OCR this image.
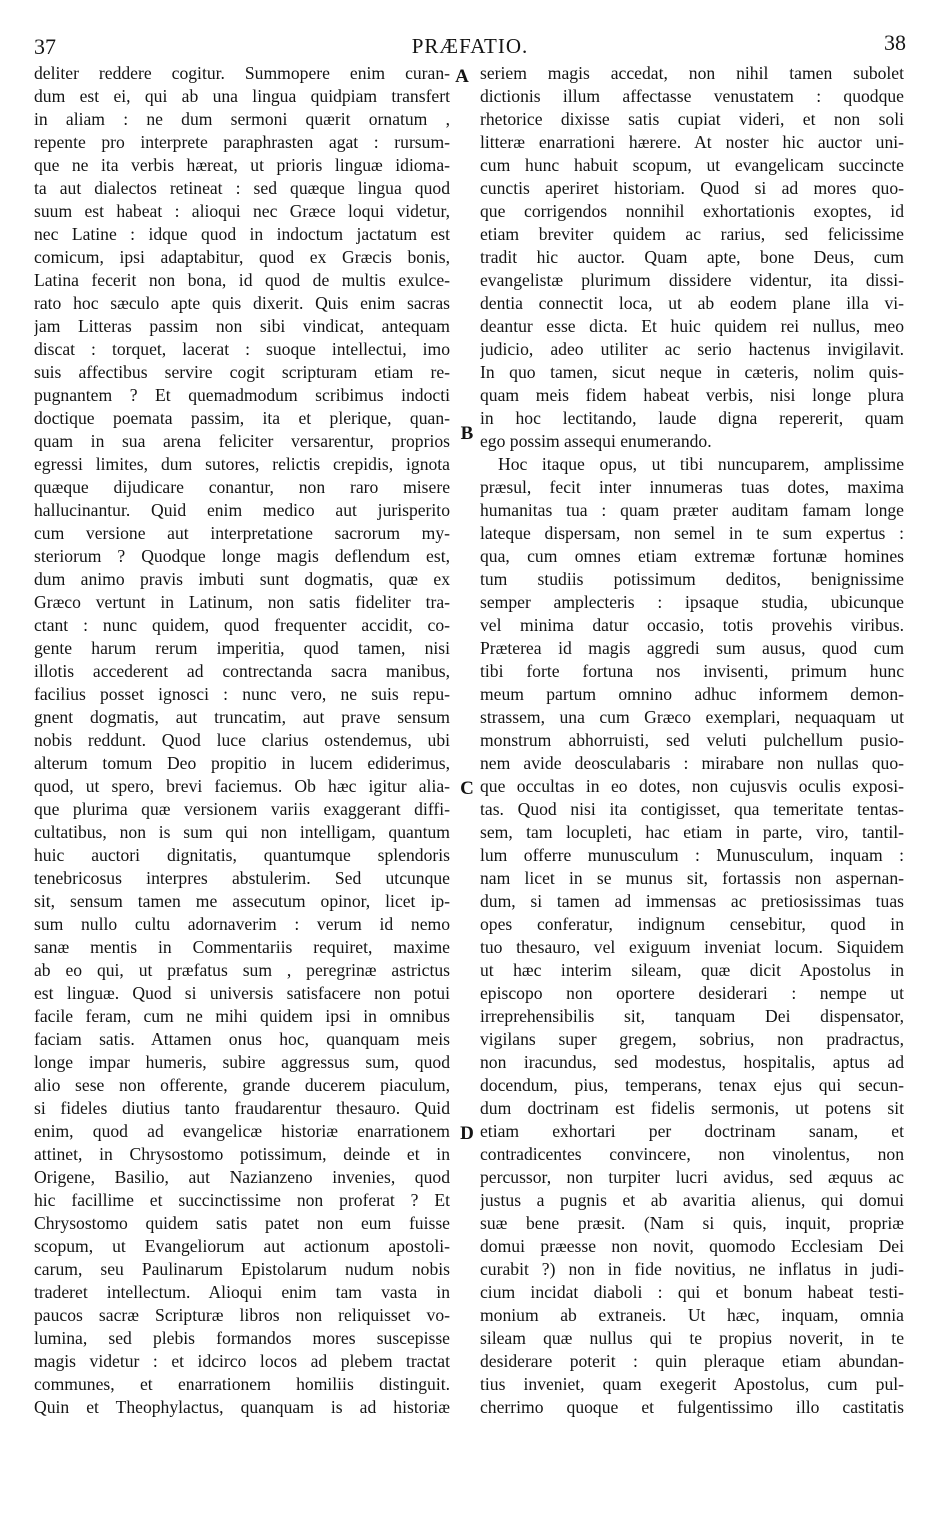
37	PRÆFATIO.	38
deliter reddere cogitur. Summopere enim curan-
dum est ei, qui ab una lingua quidpiam transfert
in aliam : ne dum sermoni quærit ornatum ,
repente pro interprete paraphrasten agat : rursum-
que ne ita verbis hæreat, ut prioris linguæ idioma-
ta aut dialectos retineat : sed quæque lingua quod
suum est habeat : alioqui nec Græce loqui videtur,
nec Latine : idque quod in indoctum jactatum est
comicum, ipsi adaptabitur, quod ex Græcis bonis,
Latina fecerit non bona, id quod de multis exulce-
rato hoc sæculo apte quis dixerit. Quis enim sacras
jam Litteras passim non sibi vindicat, antequam
discat : torquet, lacerat : suoque intellectui, imo
suis affectibus servire cogit scripturam etiam re-
pugnantem ? Et quemadmodum scribimus indocti
doctique poemata passim, ita et plerique, quan-
quam in sua arena feliciter versarentur, proprios
egressi limites, dum sutores, relictis crepidis, ignota
quæque dijudicare conantur, non raro misere
hallucinantur. Quid enim medico aut jurisperito
cum versione aut interpretatione sacrorum my-
steriorum ? Quodque longe magis deflendum est,
dum animo pravis imbuti sunt dogmatis, quæ ex
Græco vertunt in Latinum, non satis fideliter tra-
ctant : nunc quidem, quod frequenter accidit, co-
gente harum rerum imperitia, quod tamen, nisi
illotis accederent ad contrectanda sacra manibus,
facilius posset ignosci : nunc vero, ne suis repu-
gnent dogmatis, aut truncatim, aut prave sensum
nobis reddunt. Quod luce clarius ostendemus, ubi
alterum tomum Deo propitio in lucem ediderimus,
quod, ut spero, brevi faciemus. Ob hæc igitur alia-
que plurima quæ versionem variis exaggerant diffi-
cultatibus, non is sum qui non intelligam, quantum
huic auctori dignitatis, quantumque splendoris
tenebricosus interpres abstulerim. Sed utcunque
sit, sensum tamen me assecutum opinor, licet ip-
sum nullo cultu adornaverim : verum id nemo
sanæ mentis in Commentariis requiret, maxime
ab eo qui, ut præfatus sum , peregrinæ astrictus
est linguæ. Quod si universis satisfacere non potui
facile feram, cum ne mihi quidem ipsi in omnibus
faciam satis. Attamen onus hoc, quanquam meis
longe impar humeris, subire aggressus sum, quod
alio sese non offerente, grande ducerem piaculum,
si fideles diutius tanto fraudarentur thesauro. Quid
enim, quod ad evangelicæ historiæ enarrationem
attinet, in Chrysostomo potissimum, deinde et in
Origene, Basilio, aut Nazianzeno invenies, quod
hic facillime et succinctissime non proferat ? Et
Chrysostomo quidem satis patet non eum fuisse
scopum, ut Evangeliorum aut actionum apostoli-
carum, seu Paulinarum Epistolarum nudum nobis
traderet intellectum. Alioqui enim tam vasta in
paucos sacræ Scripturæ libros non reliquisset vo-
lumina, sed plebis formandos mores suscepisse
magis videtur : et idcirco locos ad plebem tractat
communes, et enarrationem homiliis distinguit.
Quin et Theophylactus, quanquam is ad historiæ
seriem magis accedat, non nihil tamen subolet
dictionis illum affectasse venustatem : quodque
rhetorice dixisse satis cupiat videri, et non soli
litteræ enarrationi hærere. At noster hic auctor uni-
cum hunc habuit scopum, ut evangelicam succincte
cunctis aperiret historiam. Quod si ad mores quo-
que corrigendos nonnihil exhortationis exoptes, id
etiam breviter quidem ac rarius, sed felicissime
tradit hic auctor. Quam apte, bone Deus, cum
evangelistæ plurimum dissidere videntur, ita dissi-
dentia connectit loca, ut ab eodem plane illa vi-
deantur esse dicta. Et huic quidem rei nullus, meo
judicio, adeo utiliter ac serio hactenus invigilavit.
In quo tamen, sicut neque in cæteris, nolim quis-
quam meis fidem habeat verbis, nisi longe plura
in hoc lectitando, laude digna repererit, quam
ego possim assequi enumerando.
Hoc itaque opus, ut tibi nuncuparem, amplissime
præsul, fecit inter innumeras tuas dotes, maxima
humanitas tua : quam præter auditam famam longe
lateque dispersam, non semel in te sum expertus :
qua, cum omnes etiam extremæ fortunæ homines
tum studiis potissimum deditos, benignissime
semper amplecteris : ipsaque studia, ubicunque
vel minima datur occasio, totis provehis viribus.
Præterea id magis aggredi sum ausus, quod cum
tibi forte fortuna nos invisenti, primum hunc
meum partum omnino adhuc informem demon-
strassem, una cum Græco exemplari, nequaquam ut
monstrum abhorruisti, sed veluti pulchellum pusio-
nem avide deosculabaris : mirabare non nullas quo-
que occultas in eo dotes, non cujusvis oculis exposi-
tas. Quod nisi ita contigisset, qua temeritate tentas-
sem, tam locupleti, hac etiam in parte, viro, tantil-
lum offerre munusculum : Munusculum, inquam :
nam licet in se munus sit, fortassis non aspernan-
dum, si tamen ad immensas ac pretiosissimas tuas
opes conferatur, indignum censebitur, quod in
tuo thesauro, vel exiguum inveniat locum. Siquidem
ut hæc interim sileam, quæ dicit Apostolus in
episcopo non oportere desiderari : nempe ut
irreprehensibilis sit, tanquam Dei dispensator,
vigilans super gregem, sobrius, non pradractus,
non iracundus, sed modestus, hospitalis, aptus ad
docendum, pius, temperans, tenax ejus qui secun-
dum doctrinam est fidelis sermonis, ut potens sit
etiam exhortari per doctrinam sanam, et
contradicentes convincere, non vinolentus, non
percussor, non turpiter lucri avidus, sed æquus ac
justus a pugnis et ab avaritia alienus, qui domui
suæ bene præsit. (Nam si quis, inquit, propriæ
domui præesse non novit, quomodo Ecclesiam Dei
curabit ?) non in fide novitius, ne inflatus in judi-
cium incidat diaboli : qui et bonum habeat testi-
monium ab extraneis. Ut hæc, inquam, omnia
sileam quæ nullus qui te propius noverit, in te
desiderare poterit : quin pleraque etiam abundan-
tius inveniet, quam exegerit Apostolus, cum pul-
cherrimo quoque et fulgentissimo illo castitatis
A
B
C
D
